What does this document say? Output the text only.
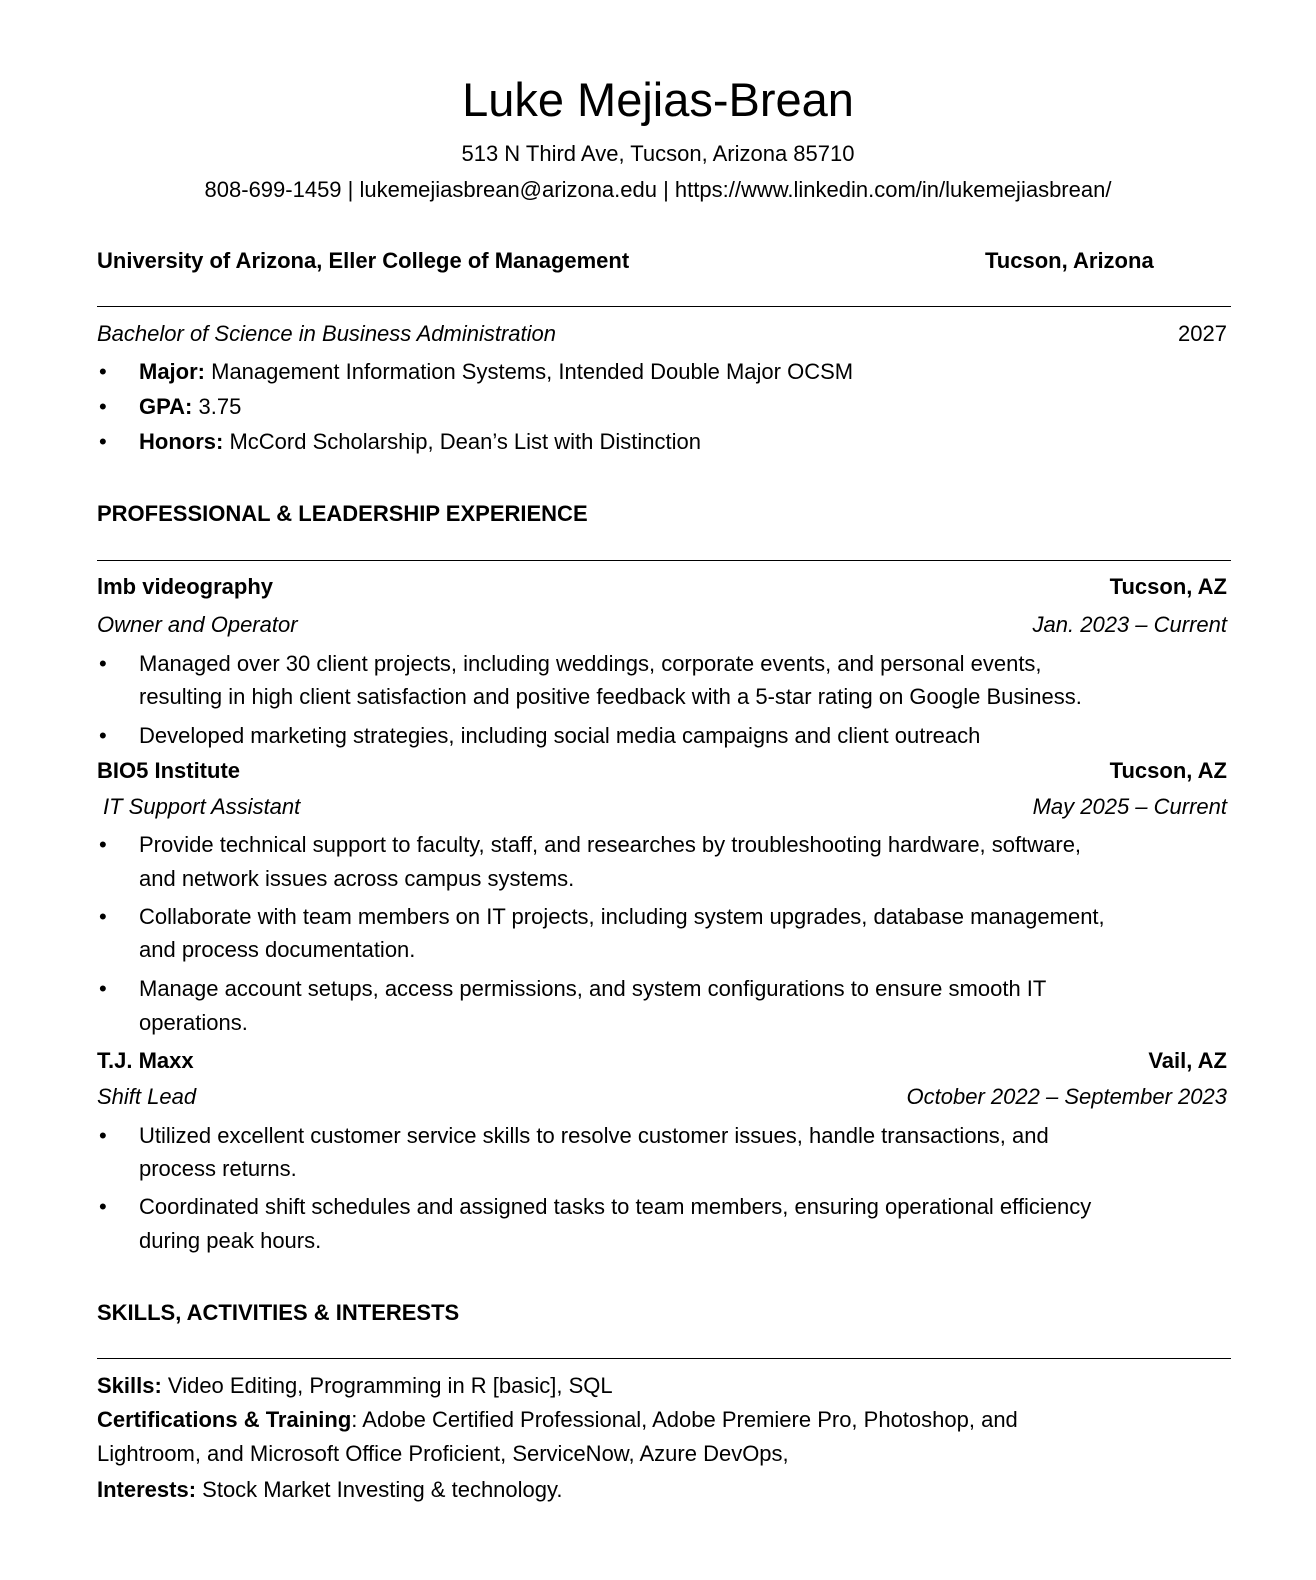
Luke Mejias-Brean
513 N Third Ave, Tucson, Arizona 85710
808-699-1459 | lukemejiasbrean@arizona.edu | https://www.linkedin.com/in/lukemejiasbrean/
University of Arizona, Eller College of Management	Tucson, Arizona
Bachelor of Science in Business Administration	2027
• Major: Management Information Systems, Intended Double Major OCSM
• GPA: 3.75
• Honors: McCord Scholarship, Dean’s List with Distinction
PROFESSIONAL & LEADERSHIP EXPERIENCE
lmb videography	Tucson, AZ
Owner and Operator	Jan. 2023 – Current
• Managed over 30 client projects, including weddings, corporate events, and personal events,
resulting in high client satisfaction and positive feedback with a 5-star rating on Google Business.
• Developed marketing strategies, including social media campaigns and client outreach
BIO5 Institute	Tucson, AZ
IT Support Assistant	May 2025 – Current
• Provide technical support to faculty, staff, and researches by troubleshooting hardware, software,
and network issues across campus systems.
• Collaborate with team members on IT projects, including system upgrades, database management,
and process documentation.
• Manage account setups, access permissions, and system configurations to ensure smooth IT
operations.
T.J. Maxx	Vail, AZ
Shift Lead	October 2022 – September 2023
• Utilized excellent customer service skills to resolve customer issues, handle transactions, and
process returns.
• Coordinated shift schedules and assigned tasks to team members, ensuring operational efficiency
during peak hours.
SKILLS, ACTIVITIES & INTERESTS
Skills: Video Editing, Programming in R [basic], SQL
Certifications & Training: Adobe Certified Professional, Adobe Premiere Pro, Photoshop, and
Lightroom, and Microsoft Office Proficient, ServiceNow, Azure DevOps,
Interests: Stock Market Investing & technology.
